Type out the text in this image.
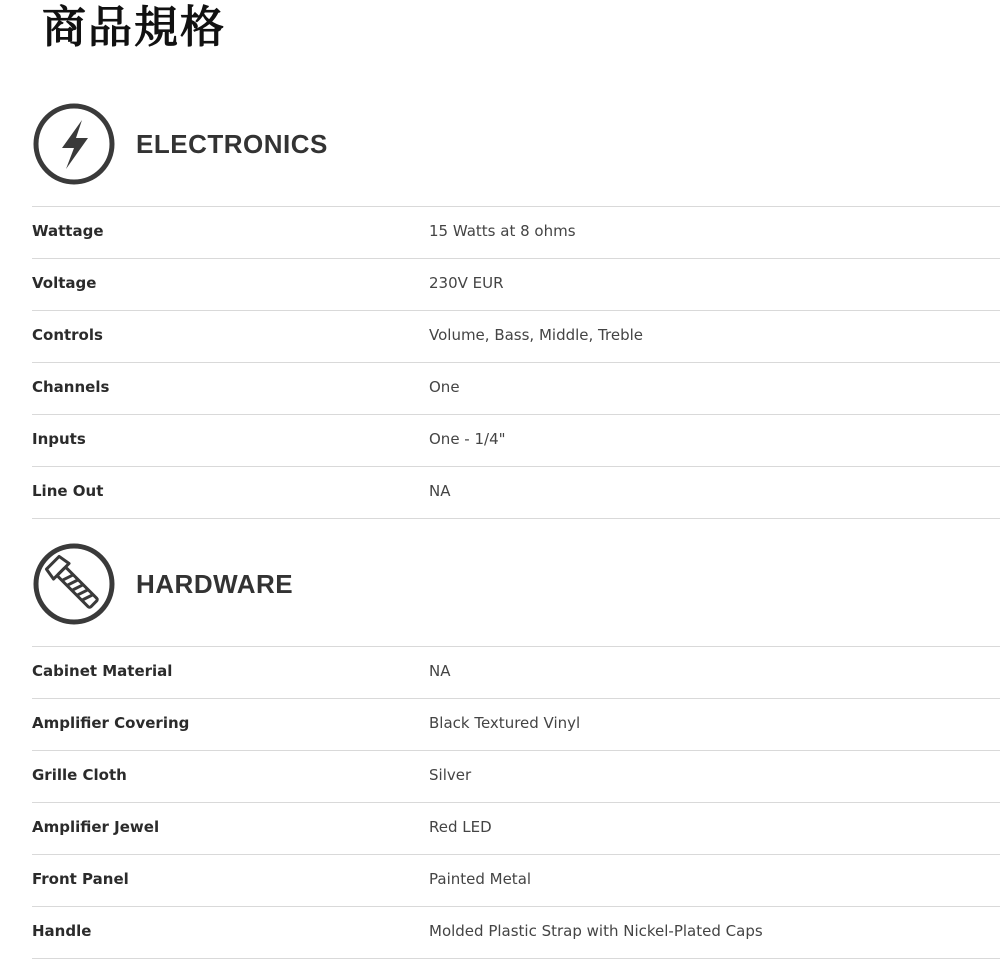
商品規格
ELECTRONICS
Wattage	15 Watts at 8 ohms
Voltage	230V EUR
Controls	Volume, Bass, Middle, Treble
Channels	One
Inputs	One - 1/4"
Line Out	NA
HARDWARE
Cabinet Material	NA
Amplifier Covering	Black Textured Vinyl
Grille Cloth	Silver
Amplifier Jewel	Red LED
Front Panel	Painted Metal
Handle	Molded Plastic Strap with Nickel-Plated Caps
